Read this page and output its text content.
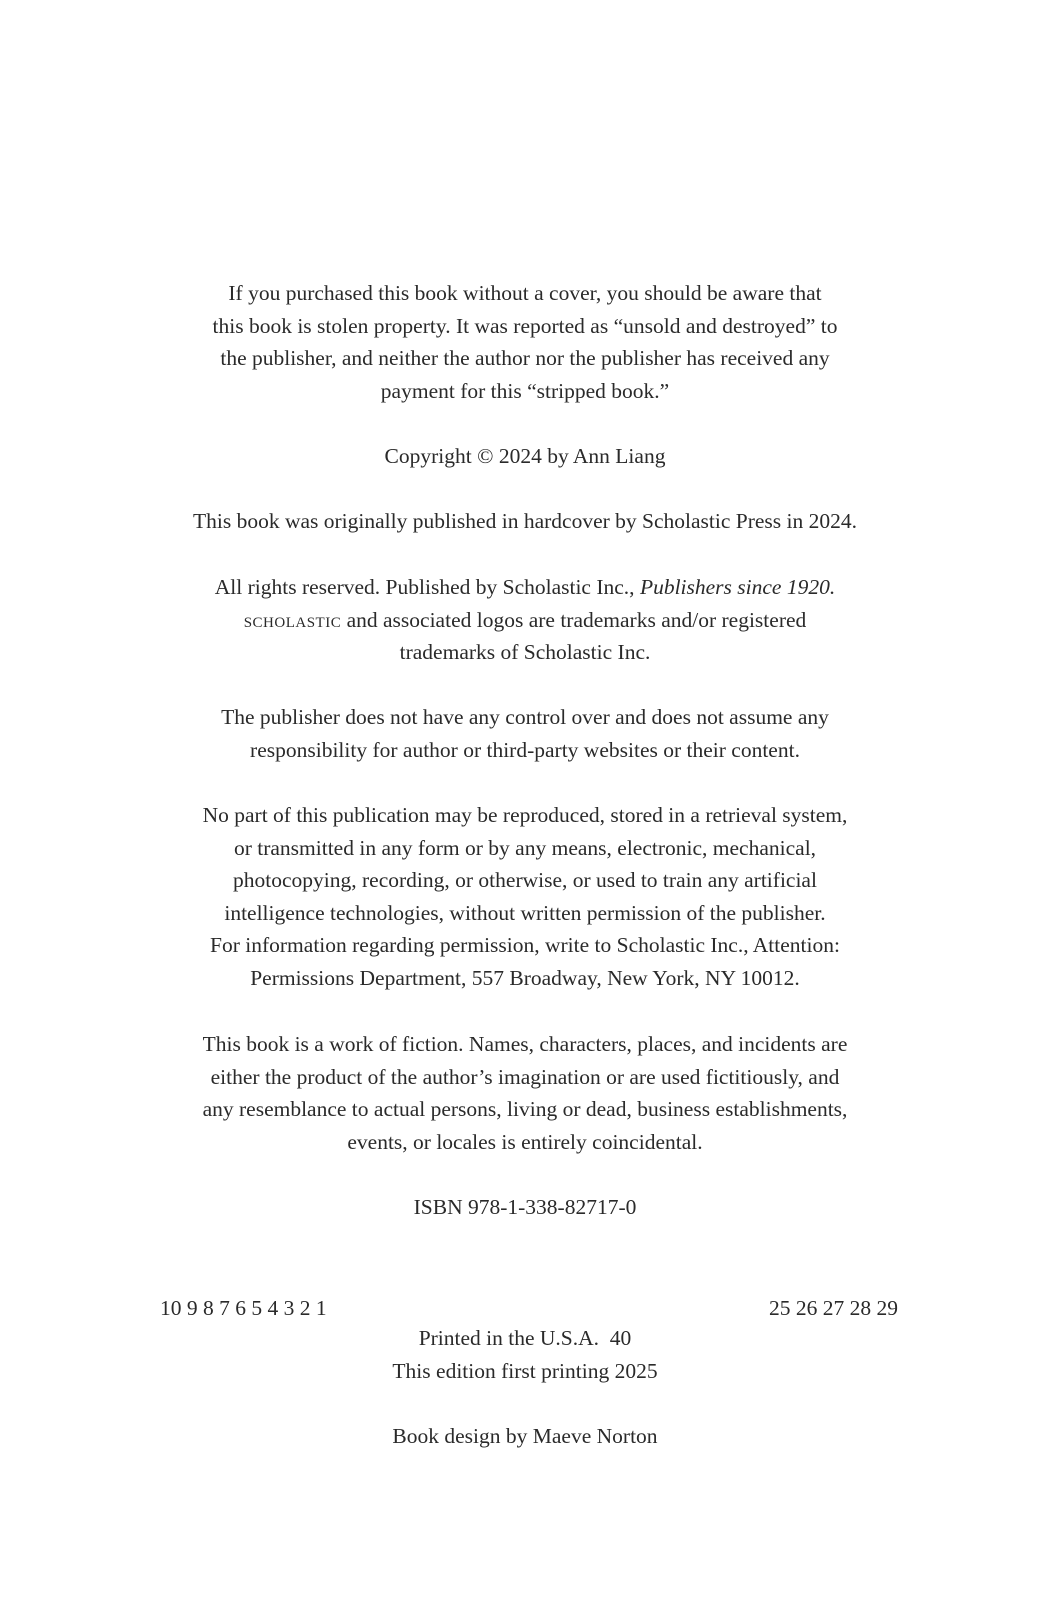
If you purchased this book without a cover, you should be aware that
this book is stolen property. It was reported as “unsold and destroyed” to
the publisher, and neither the author nor the publisher has received any
payment for this “stripped book.”
Copyright © 2024 by Ann Liang
This book was originally published in hardcover by Scholastic Press in 2024.
All rights reserved. Published by Scholastic Inc., Publishers since 1920.
scholastic and associated logos are trademarks and/or registered
trademarks of Scholastic Inc.
The publisher does not have any control over and does not assume any
responsibility for author or third-party websites or their content.
No part of this publication may be reproduced, stored in a retrieval system,
or transmitted in any form or by any means, electronic, mechanical,
photocopying, recording, or otherwise, or used to train any artificial
intelligence technologies, without written permission of the publisher.
For information regarding permission, write to Scholastic Inc., Attention:
Permissions Department, 557 Broadway, New York, NY 10012.
This book is a work of fiction. Names, characters, places, and incidents are
either the product of the author’s imagination or are used fictitiously, and
any resemblance to actual persons, living or dead, business establishments,
events, or locales is entirely coincidental.
ISBN 978-1-338-82717-0
10 9 8 7 6 5 4 3 2 1	25 26 27 28 29
Printed in the U.S.A.  40
This edition first printing 2025
Book design by Maeve Norton
